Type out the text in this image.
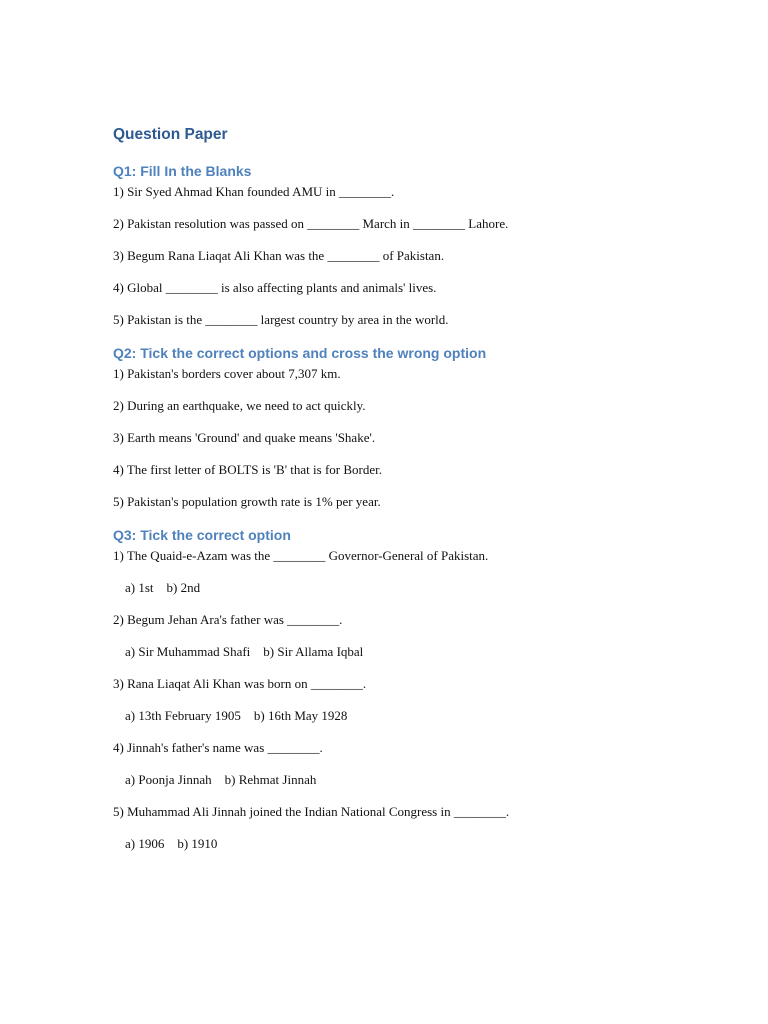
Question Paper
Q1: Fill In the Blanks
1) Sir Syed Ahmad Khan founded AMU in ________.
2) Pakistan resolution was passed on ________ March in ________ Lahore.
3) Begum Rana Liaqat Ali Khan was the ________ of Pakistan.
4) Global ________ is also affecting plants and animals' lives.
5) Pakistan is the ________ largest country by area in the world.
Q2: Tick the correct options and cross the wrong option
1) Pakistan's borders cover about 7,307 km.
2) During an earthquake, we need to act quickly.
3) Earth means 'Ground' and quake means 'Shake'.
4) The first letter of BOLTS is 'B' that is for Border.
5) Pakistan's population growth rate is 1% per year.
Q3: Tick the correct option
1) The Quaid-e-Azam was the ________ Governor-General of Pakistan.
a) 1st    b) 2nd
2) Begum Jehan Ara's father was ________.
a) Sir Muhammad Shafi    b) Sir Allama Iqbal
3) Rana Liaqat Ali Khan was born on ________.
a) 13th February 1905    b) 16th May 1928
4) Jinnah's father's name was ________.
a) Poonja Jinnah    b) Rehmat Jinnah
5) Muhammad Ali Jinnah joined the Indian National Congress in ________.
a) 1906    b) 1910
